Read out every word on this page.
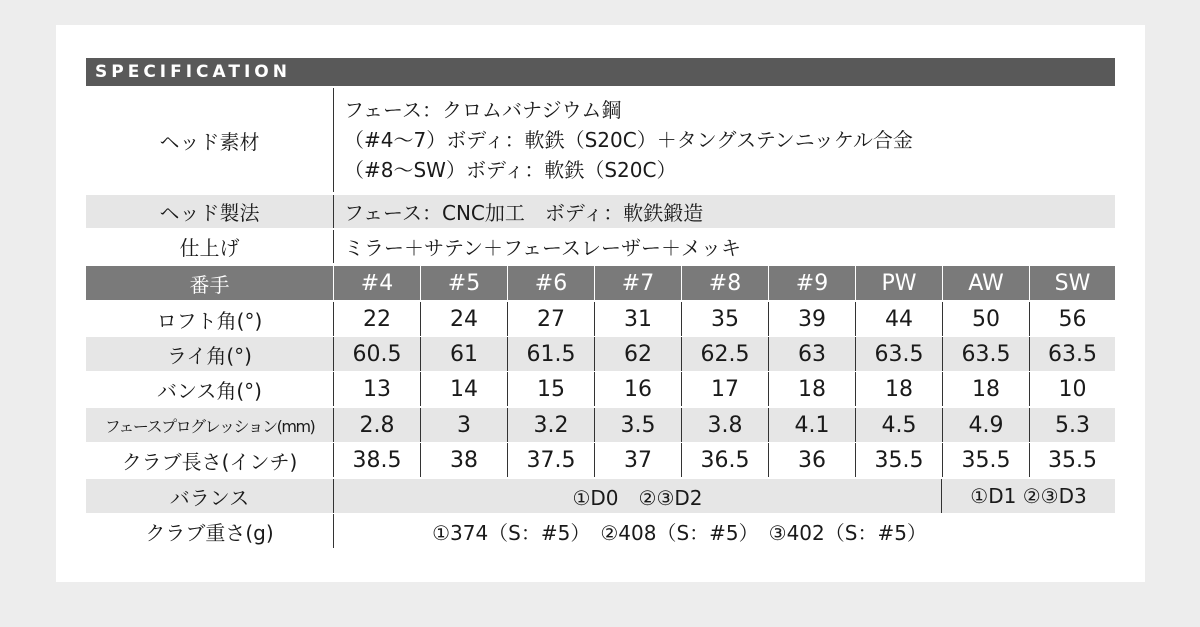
SPECIFICATION
ヘッド素材
フェース：クロムバナジウム鋼
（#4〜7）ボディ：軟鉄（S20C）＋タングステンニッケル合金
（#8〜SW）ボディ：軟鉄（S20C）
ヘッド製法	フェース：CNC加工　ボディ：軟鉄鍛造
仕上げ	ミラー＋サテン＋フェースレーザー＋メッキ
番手	#4	#5	#6	#7	#8	#9	PW	AW	SW
ロフト角(°)	22	24	27	31	35	39	44	50	56
ライ角(°)	60.5	61	61.5	62	62.5	63	63.5	63.5	63.5
バンス角(°)	13	14	15	16	17	18	18	18	10
フェースプログレッション(mm)	2.8	3	3.2	3.5	3.8	4.1	4.5	4.9	5.3
クラブ長さ(インチ)	38.5	38	37.5	37	36.5	36	35.5	35.5	35.5
バランス	①D0　②③D2	①D1 ②③D3
クラブ重さ(g)	①374（S：#5）　②408（S：#5）　③402（S：#5）
